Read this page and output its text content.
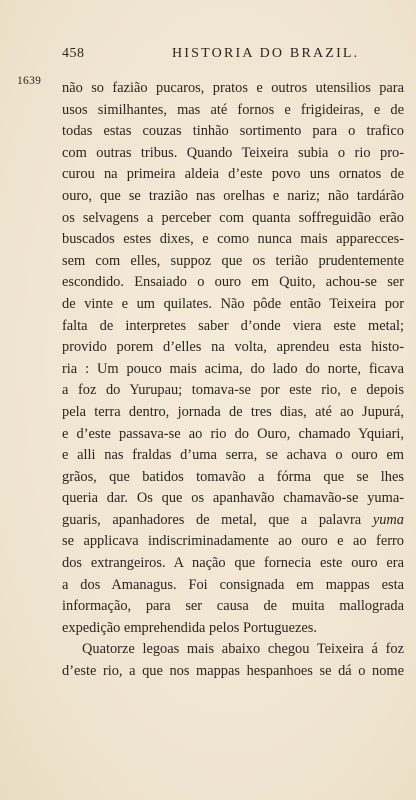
458	HISTORIA DO BRAZIL.
1639 não so fazião pucaros, pratos e outros utensilios para
usos similhantes, mas até fornos e frigideiras, e de
todas estas couzas tinhão sortimento para o trafico
com outras tribus. Quando Teixeira subia o rio pro-
curou na primeira aldeia d’este povo uns ornatos de
ouro, que se trazião nas orelhas e nariz; não tardárão
os selvagens a perceber com quanta soffreguidão erão
buscados estes dixes, e como nunca mais apparecces-
sem com elles, suppoz que os terião prudentemente
escondido. Ensaiado o ouro em Quito, achou-se ser
de vinte e um quilates. Não pôde então Teixeira por
falta de interpretes saber d’onde viera este metal;
provido porem d’elles na volta, aprendeu esta histo-
ria : Um pouco mais acima, do lado do norte, ficava
a foz do Yurupau; tomava-se por este rio, e depois
pela terra dentro, jornada de tres dias, até ao Jupurá,
e d’este passava-se ao rio do Ouro, chamado Yquiari,
e alli nas fraldas d’uma serra, se achava o ouro em
grãos, que batidos tomavão a fórma que se lhes
queria dar. Os que os apanhavão chamavão-se yuma-
guaris, apanhadores de metal, que a palavra yuma
se applicava indiscriminadamente ao ouro e ao ferro
dos extrangeiros. A nação que fornecia este ouro era
a dos Amanagus. Foi consignada em mappas esta
informação, para ser causa de muita mallograda
expedição emprehendida pelos Portuguezes.
Quatorze legoas mais abaixo chegou Teixeira á foz
d’este rio, a que nos mappas hespanhoes se dá o nome
